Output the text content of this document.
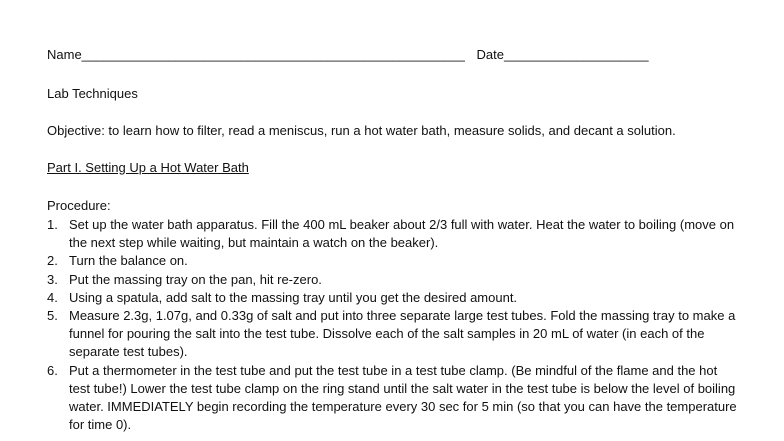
Name_____________________________________________________ Date____________________
Lab Techniques
Objective: to learn how to filter, read a meniscus, run a hot water bath, measure solids, and decant a solution.
Part I. Setting Up a Hot Water Bath
Procedure:
1. Set up the water bath apparatus. Fill the 400 mL beaker about 2/3 full with water. Heat the water to boiling (move on the next step while waiting, but maintain a watch on the beaker).
2. Turn the balance on.
3. Put the massing tray on the pan, hit re-zero.
4. Using a spatula, add salt to the massing tray until you get the desired amount.
5. Measure 2.3g, 1.07g, and 0.33g of salt and put into three separate large test tubes. Fold the massing tray to make a funnel for pouring the salt into the test tube. Dissolve each of the salt samples in 20 mL of water (in each of the separate test tubes).
6. Put a thermometer in the test tube and put the test tube in a test tube clamp. (Be mindful of the flame and the hot test tube!) Lower the test tube clamp on the ring stand until the salt water in the test tube is below the level of boiling water. IMMEDIATELY begin recording the temperature every 30 sec for 5 min (so that you can have the temperature for time 0).
